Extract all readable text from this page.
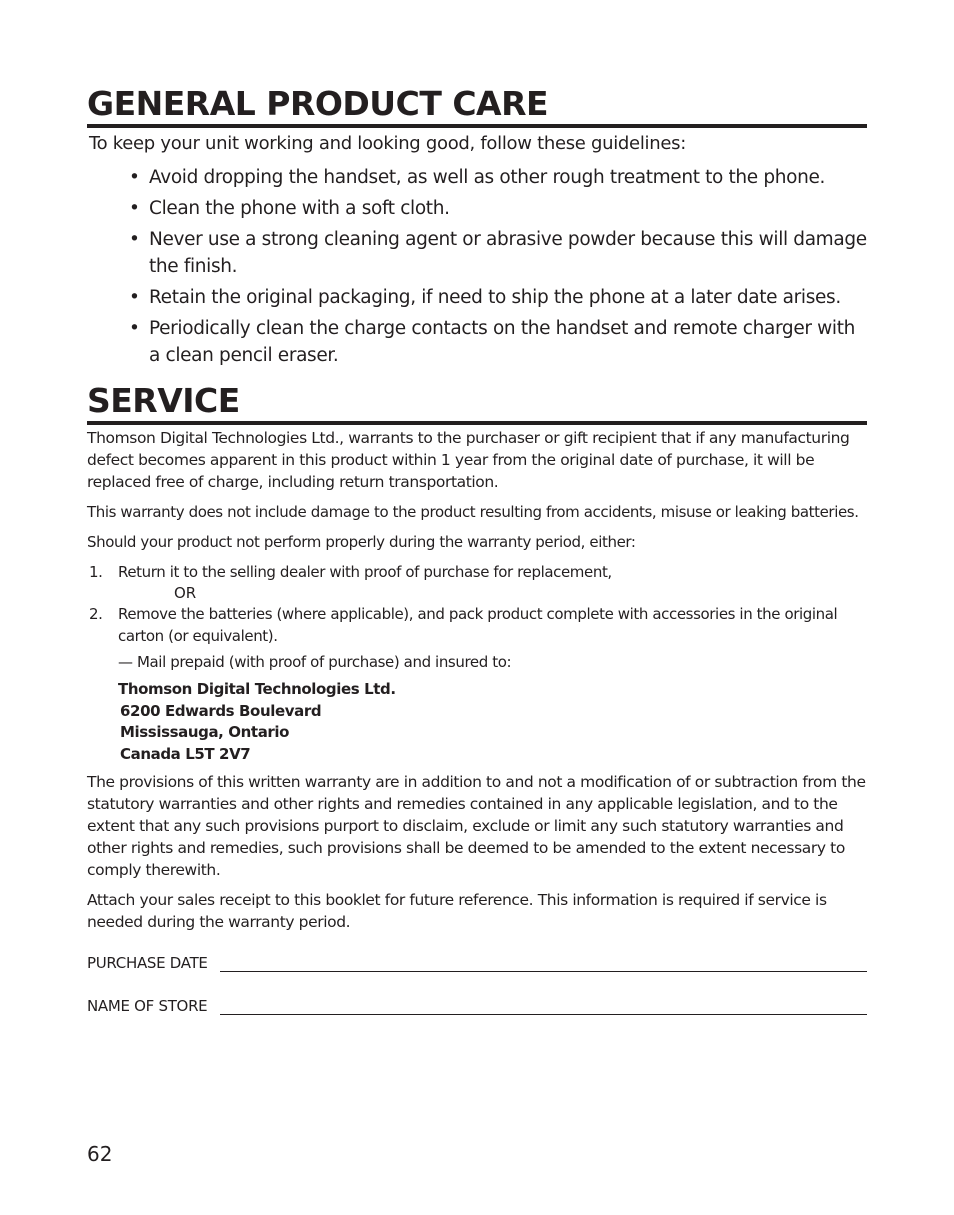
GENERAL PRODUCT CARE
To keep your unit working and looking good, follow these guidelines:
• Avoid dropping the handset, as well as other rough treatment to the phone.
• Clean the phone with a soft cloth.
• Never use a strong cleaning agent or abrasive powder because this will damage the finish.
• Retain the original packaging, if need to ship the phone at a later date arises.
• Periodically clean the charge contacts on the handset and remote charger with a clean pencil eraser.
SERVICE

Thomson Digital Technologies Ltd., warrants to the purchaser or gift recipient that if any manufacturing defect becomes apparent in this product within 1 year from the original date of purchase, it will be replaced free of charge, including return transportation.

This warranty does not include damage to the product resulting from accidents, misuse or leaking batteries.

Should your product not perform properly during the warranty period, either:

1. Return it to the selling dealer with proof of purchase for replacement,
OR
2. Remove the batteries (where applicable), and pack product complete with accessories in the original carton (or equivalent).
— Mail prepaid (with proof of purchase) and insured to:
Thomson Digital Technologies Ltd.
6200 Edwards Boulevard
Mississauga, Ontario
Canada L5T 2V7

The provisions of this written warranty are in addition to and not a modification of or subtraction from the statutory warranties and other rights and remedies contained in any applicable legislation, and to the extent that any such provisions purport to disclaim, exclude or limit any such statutory warranties and other rights and remedies, such provisions shall be deemed to be amended to the extent necessary to comply therewith.

Attach your sales receipt to this booklet for future reference. This information is required if service is needed during the warranty period.

PURCHASE DATE
NAME OF STORE
62
